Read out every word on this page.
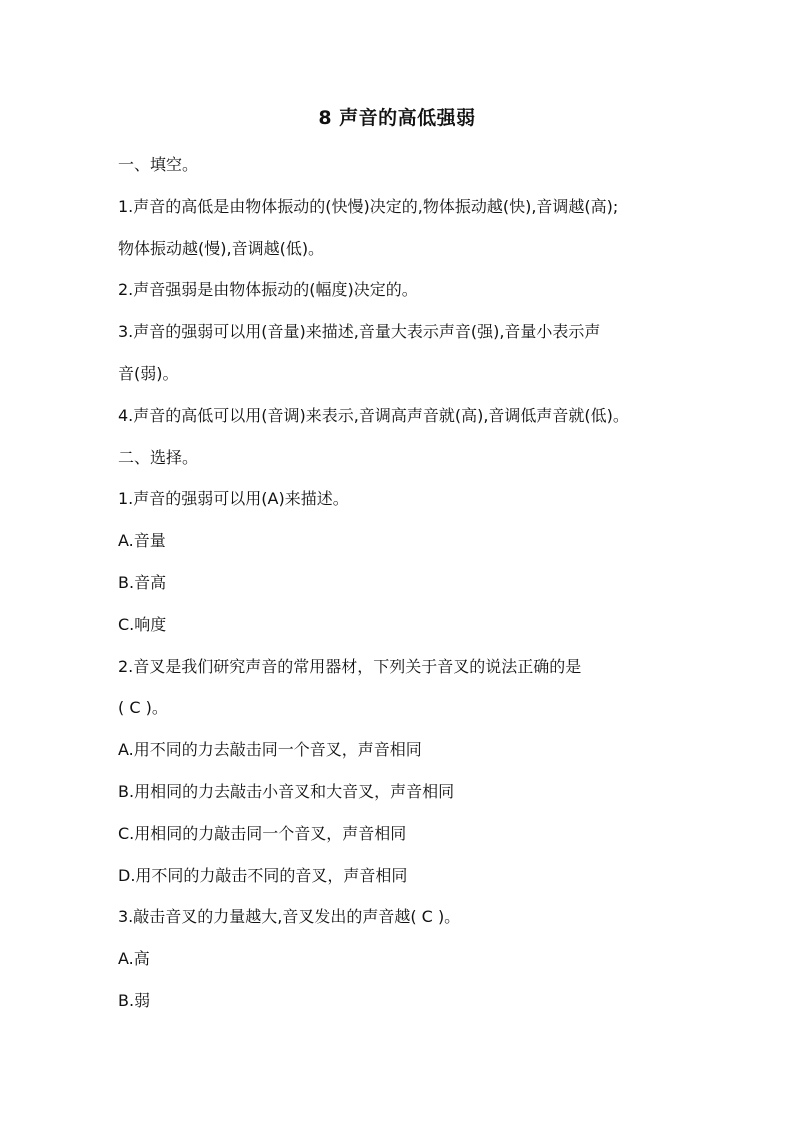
8 声音的高低强弱
一、填空。
1.声音的高低是由物体振动的(快慢)决定的,物体振动越(快),音调越(高);
物体振动越(慢),音调越(低)。
2.声音强弱是由物体振动的(幅度)决定的。
3.声音的强弱可以用(音量)来描述,音量大表示声音(强),音量小表示声
音(弱)。
4.声音的高低可以用(音调)来表示,音调高声音就(高),音调低声音就(低)。
二、选择。
1.声音的强弱可以用(A)来描述。
A.音量
B.音高
C.响度
2.音叉是我们研究声音的常用器材，下列关于音叉的说法正确的是
( C )。
A.用不同的力去敲击同一个音叉，声音相同
B.用相同的力去敲击小音叉和大音叉，声音相同
C.用相同的力敲击同一个音叉，声音相同
D.用不同的力敲击不同的音叉，声音相同
3.敲击音叉的力量越大,音叉发出的声音越( C )。
A.高
B.弱
